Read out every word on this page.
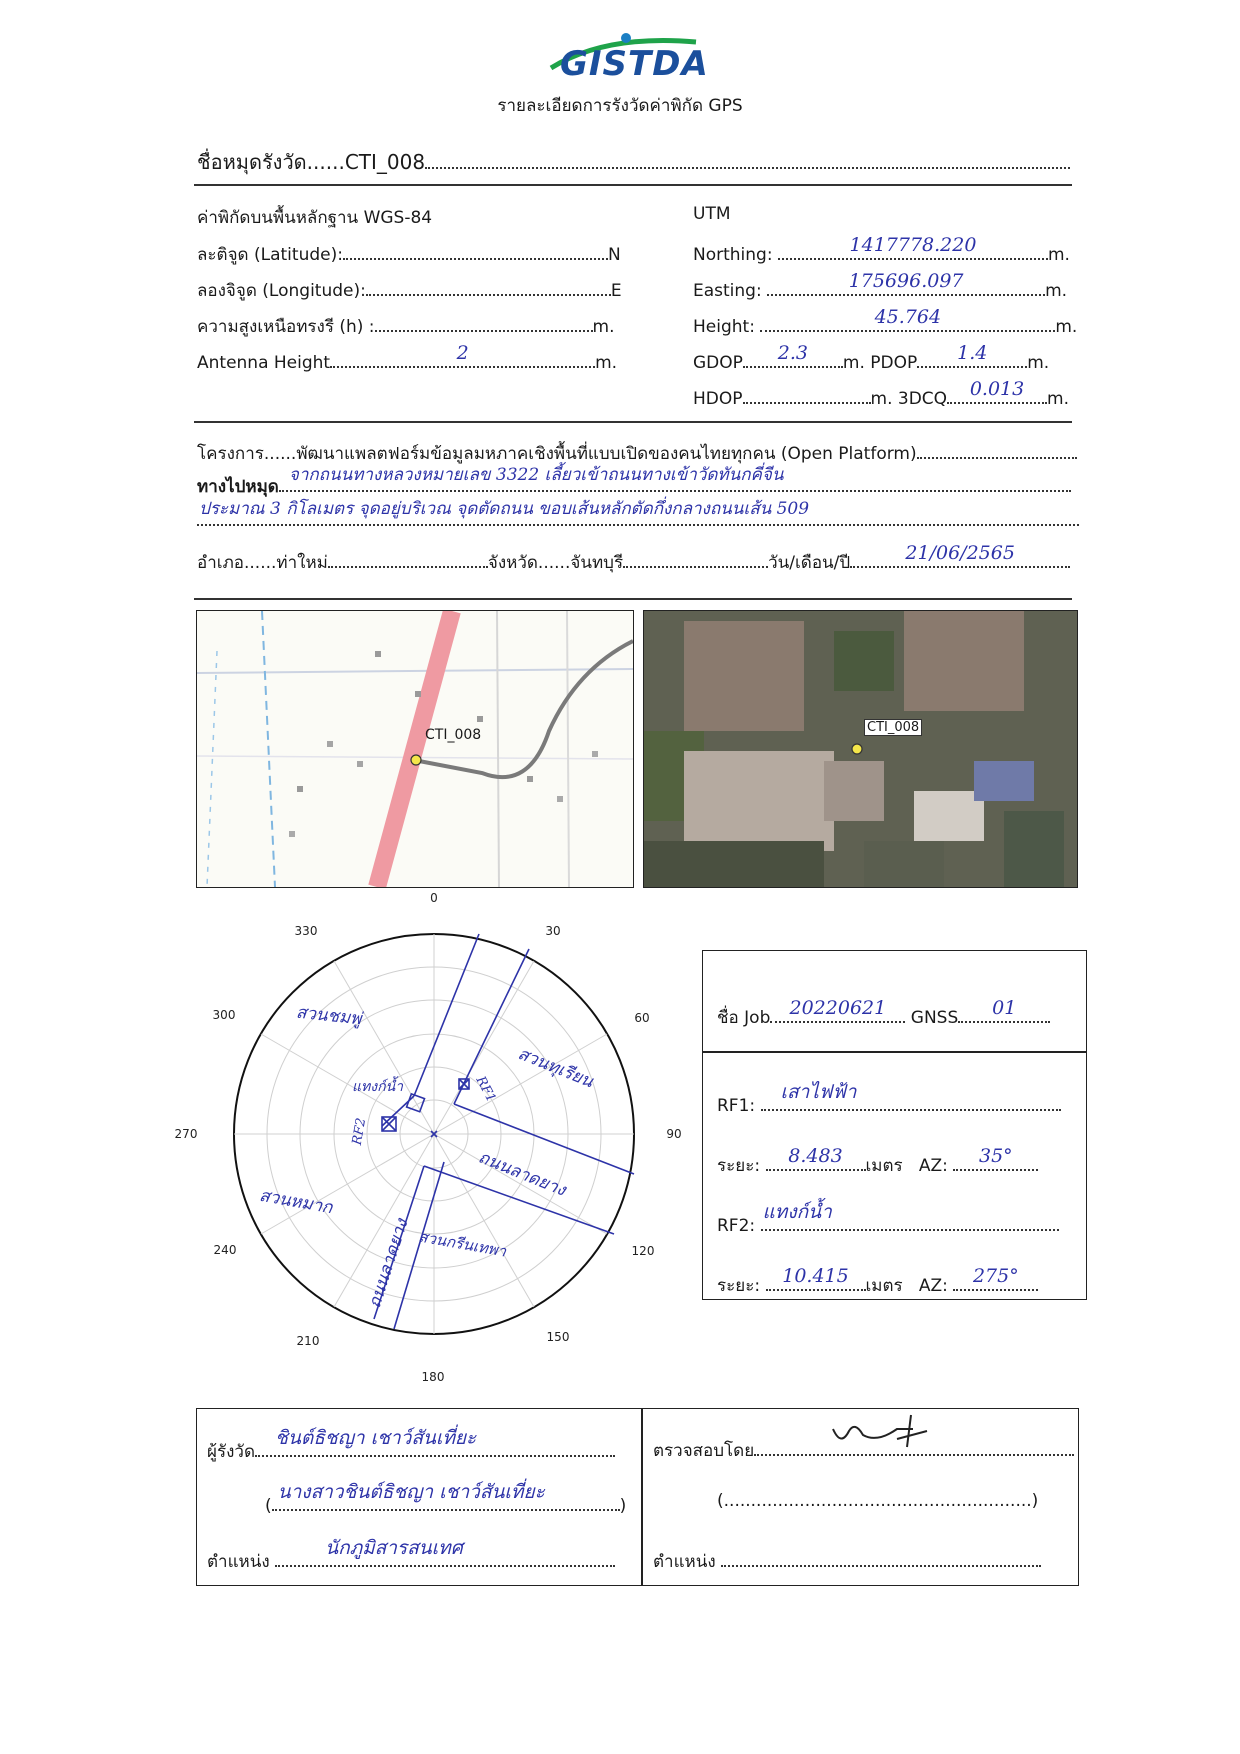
GISTDA
รายละเอียดการรังวัดค่าพิกัด GPS
ชื่อหมุดรังวัด......CTI_008
ค่าพิกัดบนพื้นหลักฐาน WGS-84
ละติจูด (Latitude):	N
ลองจิจูด (Longitude):	E
ความสูงเหนือทรงรี (h) :	m.
Antenna Height	2	m.
UTM
Northing:	1417778.220	m.
Easting:	175696.097	m.
Height:	45.764	m.
GDOP	2.3	m. PDOP	1.4	m.
HDOP	m. 3DCQ	0.013	m.
โครงการ......พัฒนาแพลตฟอร์มข้อมูลมหภาคเชิงพื้นที่แบบเปิดของคนไทยทุกคน (Open Platform)
ทางไปหมุด
จากถนนทางหลวงหมายเลข 3322 เลี้ยวเข้าถนนทางเข้าวัดทันกคี่จีน
ประมาณ 3 กิโลเมตร จุดอยู่บริเวณ จุดตัดถนน ขอบเส้นหลักตัดกึ่งกลางถนนเส้น 509
อำเภอ......ท่าใหม่	จังหวัด......จันทบุรี	วัน/เดือน/ปี	21/06/2565
CTI_008	CTI_008
0
30
60
90
120
150
180
210
240
270
300
330
สวนชมพู่
สวนทุเรียน
สวนหมาก
สวนกรีนเทพา
ถนนลาดยาง
ถนนลาดยาง
RF1
RF2
แทงก์น้ำ
ชื่อ Job	20220621	GNSS	01
RF1:
เสาไฟฟ้า
ระยะ:	8.483	เมตร AZ:	35°
RF2:
แทงก์น้ำ
ระยะ:	10.415 เมตร AZ:	275°
ผู้รังวัด
ชินต์ธิชญา เชาว์สันเที่ยะ
(
นางสาวชินต์ธิชญา เชาว์สันเที่ยะ
)
ตำแหน่ง
นักภูมิสารสนเทศ
ตรวจสอบโดย
(.........................................................)
ตำแหน่ง
